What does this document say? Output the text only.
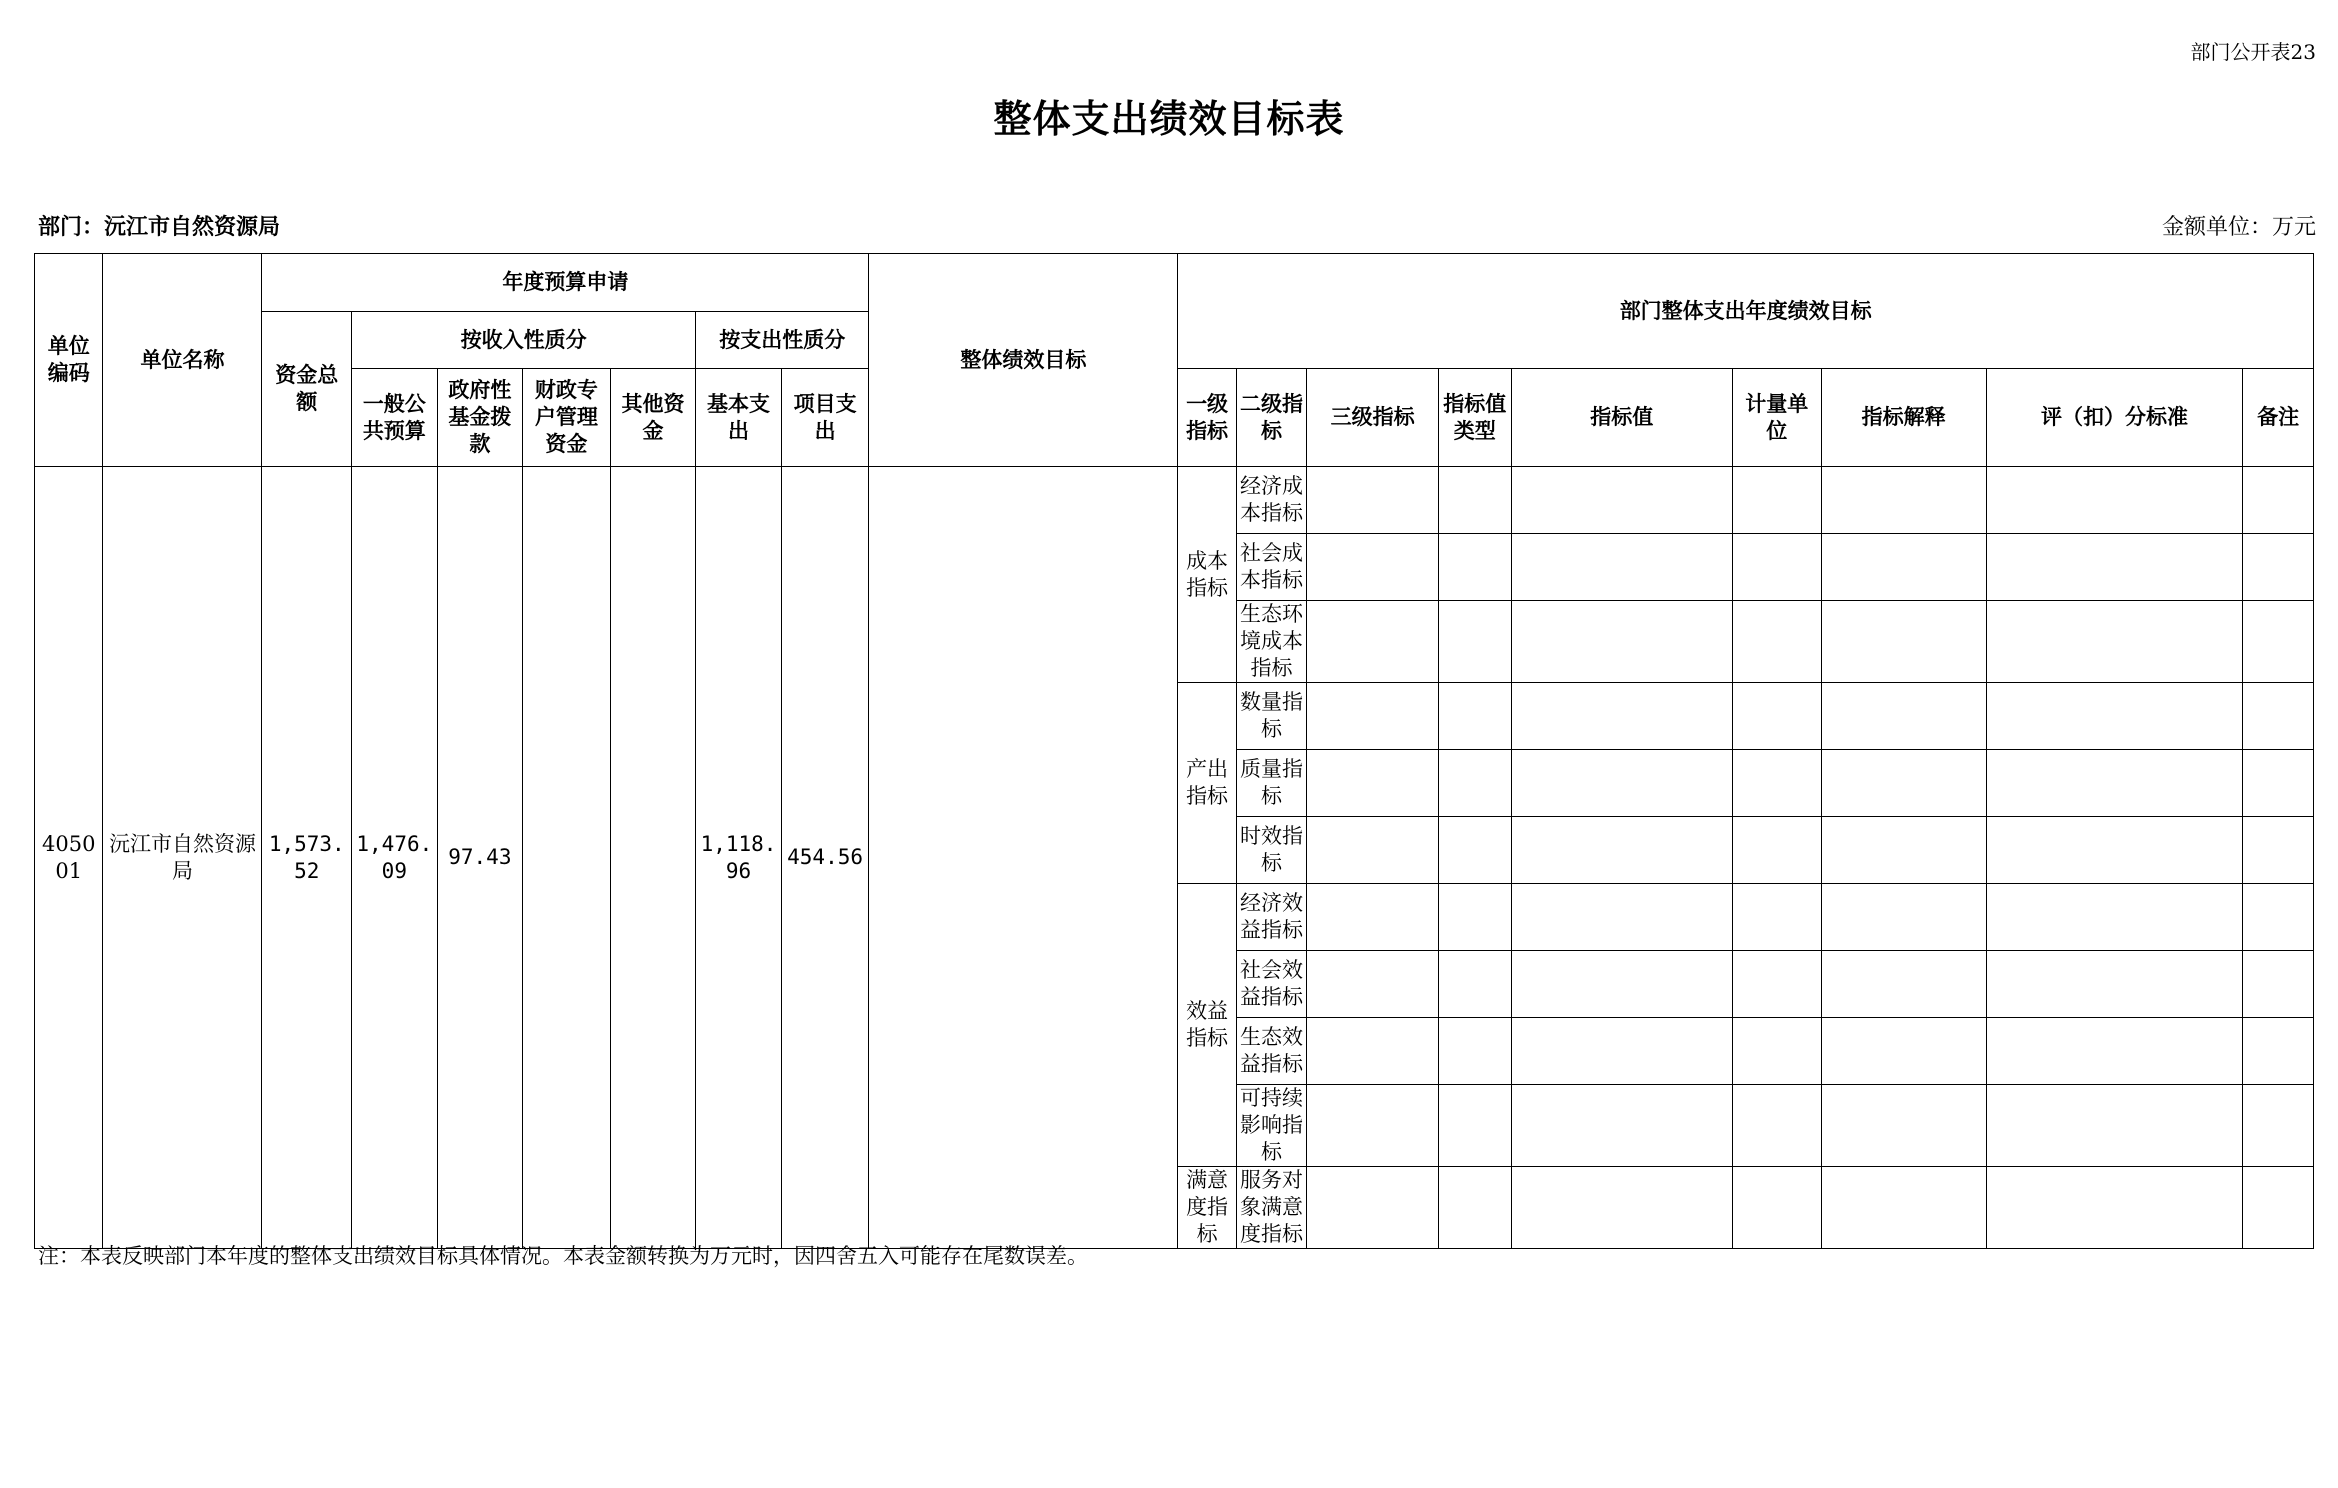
部门公开表23
整体支出绩效目标表
部门：沅江市自然资源局	金额单位：万元
单位编码	单位名称	年度预算申请							整体绩效目标	部门整体支出年度绩效目标								
		资金总额	按收入性质分				按支出性质分											
			一般公共预算	政府性基金拨款	财政专户管理资金	其他资金	基本支出	项目支出		一级指标	二级指标	三级指标	指标值类型	指标值	计量单位	指标解释	评（扣）分标准	备注
405001	沅江市自然资源局	1,573.52	1,476.09	97.43			1,118.96	454.56		成本指标	经济成本指标							
											社会成本指标							
											生态环境成本指标							
										产出指标	数量指标							
											质量指标							
											时效指标							
										效益指标	经济效益指标							
											社会效益指标							
											生态效益指标							
											可持续影响指标							
										满意度指标	服务对象满意度指标							
注：本表反映部门本年度的整体支出绩效目标具体情况。本表金额转换为万元时，因四舍五入可能存在尾数误差。
